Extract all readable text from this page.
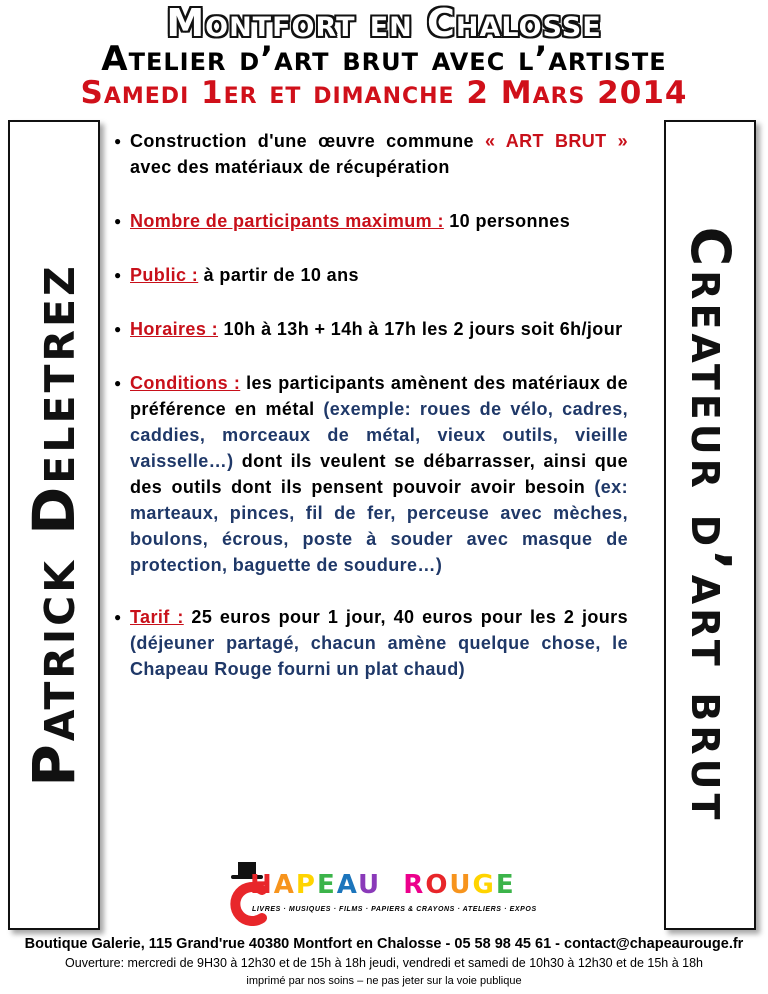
Montfort en Chalosse
Atelier d’art brut avec l’artiste
Samedi 1er et dimanche 2 Mars 2014
Patrick Deletrez	Createur d’art brut
● Construction d'une œuvre commune « ART BRUT » avec des matériaux de récupération
● Nombre de participants maximum : 10 personnes
● Public : à partir de 10 ans
● Horaires : 10h à 13h + 14h à 17h les 2 jours soit 6h/jour
● Conditions : les participants amènent des matériaux de préférence en métal (exemple: roues de vélo, cadres, caddies, morceaux de métal, vieux outils, vieille vaisselle…) dont ils veulent se débarrasser, ainsi que des outils dont ils pensent pouvoir avoir besoin (ex: marteaux, pinces, fil de fer, perceuse avec mèches, boulons, écrous, poste à souder avec masque de protection, baguette de soudure…)
● Tarif : 25 euros pour 1 jour, 40 euros pour les 2 jours (déjeuner partagé, chacun amène quelque chose, le Chapeau Rouge fourni un plat chaud)
HAPEAU ROUGE
LIVRES · MUSIQUES · FILMS · PAPIERS & CRAYONS · ATELIERS · EXPOS
Boutique Galerie, 115 Grand'rue 40380 Montfort en Chalosse - 05 58 98 45 61 - contact@chapeaurouge.fr
Ouverture: mercredi de 9H30 à 12h30 et de 15h à 18h jeudi, vendredi et samedi de 10h30 à 12h30 et de 15h à 18h
imprimé par nos soins – ne pas jeter sur la voie publique
